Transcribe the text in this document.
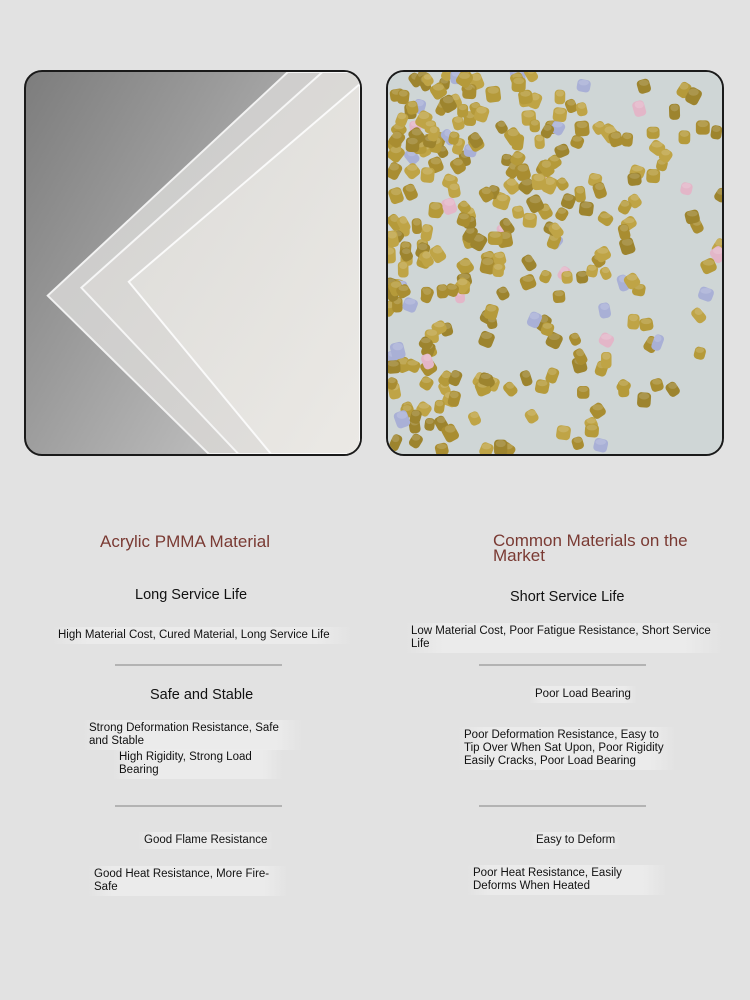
Acrylic PMMA Material
Long Service Life
High Material Cost, Cured Material, Long Service Life
Safe and Stable
Strong Deformation Resistance, Safe and Stable
High Rigidity, Strong Load Bearing
Good Flame Resistance
Good Heat Resistance, More Fire-Safe
Common Materials on the Market
Short Service Life
Low Material Cost, Poor Fatigue Resistance, Short Service Life
Poor Load Bearing
Poor Deformation Resistance, Easy to Tip Over When Sat Upon, Poor Rigidity Easily Cracks, Poor Load Bearing
Easy to Deform
Poor Heat Resistance, Easily Deforms When Heated
